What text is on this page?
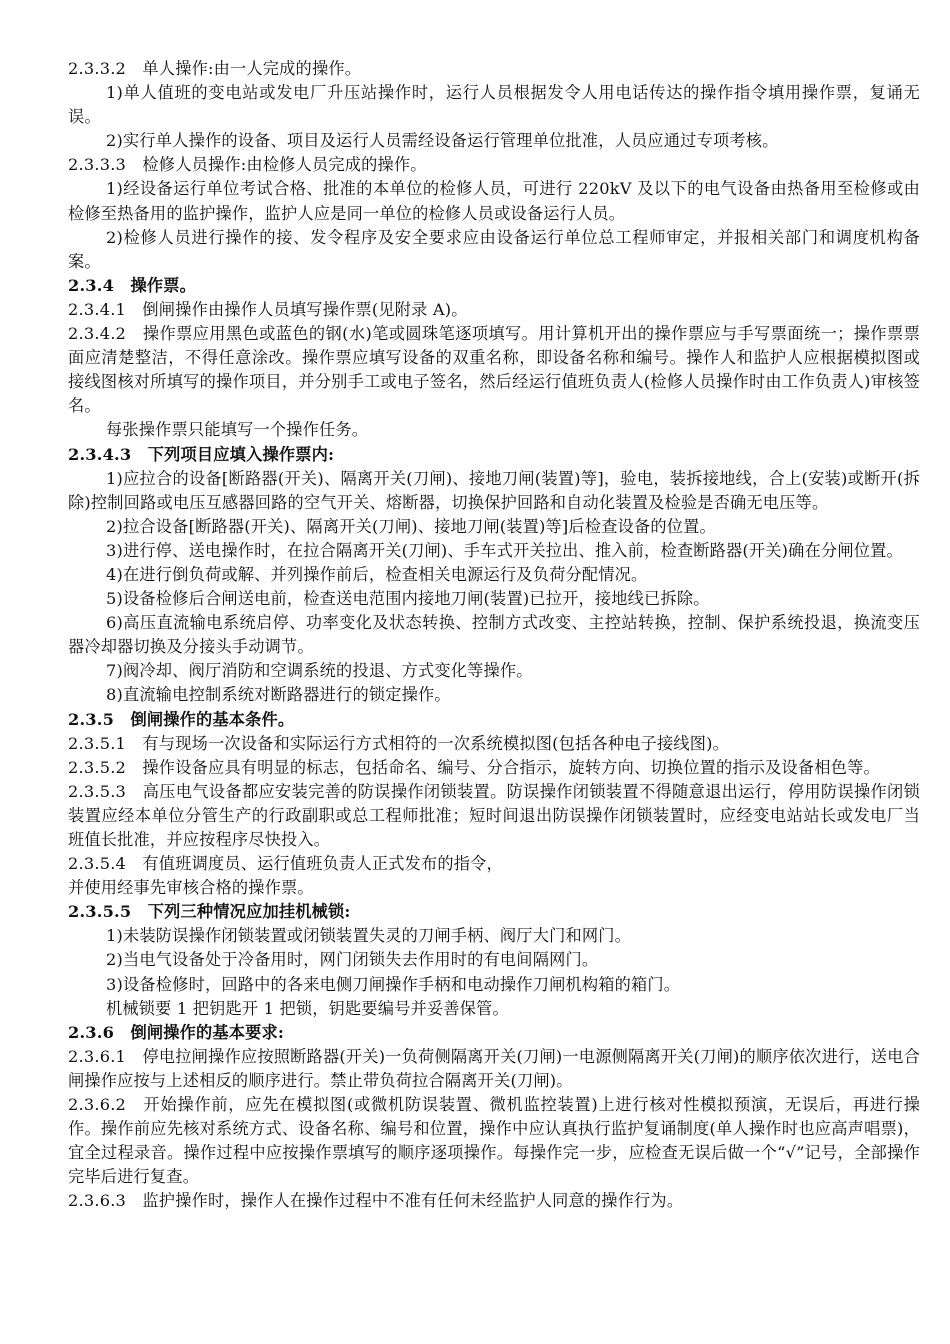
2.3.3.2　单人操作:由一人完成的操作。

1)单人值班的变电站或发电厂升压站操作时，运行人员根据发令人用电话传达的操作指令填用操作票，复诵无误。

2)实行单人操作的设备、项目及运行人员需经设备运行管理单位批准，人员应通过专项考核。

2.3.3.3　检修人员操作:由检修人员完成的操作。

1)经设备运行单位考试合格、批准的本单位的检修人员，可进行 220kV 及以下的电气设备由热备用至检修或由检修至热备用的监护操作，监护人应是同一单位的检修人员或设备运行人员。

2)检修人员进行操作的接、发令程序及安全要求应由设备运行单位总工程师审定，并报相关部门和调度机构备案。

2.3.4　操作票。

2.3.4.1　倒闸操作由操作人员填写操作票(见附录 A)。

2.3.4.2　操作票应用黑色或蓝色的钢(水)笔或圆珠笔逐项填写。用计算机开出的操作票应与手写票面统一；操作票票面应清楚整洁，不得任意涂改。操作票应填写设备的双重名称，即设备名称和编号。操作人和监护人应根据模拟图或接线图核对所填写的操作项目，并分别手工或电子签名，然后经运行值班负责人(检修人员操作时由工作负责人)审核签名。

每张操作票只能填写一个操作任务。

2.3.4.3　下列项目应填入操作票内:

1)应拉合的设备[断路器(开关)、隔离开关(刀闸)、接地刀闸(装置)等]，验电，装拆接地线，合上(安装)或断开(拆除)控制回路或电压互感器回路的空气开关、熔断器，切换保护回路和自动化装置及检验是否确无电压等。

2)拉合设备[断路器(开关)、隔离开关(刀闸)、接地刀闸(装置)等]后检查设备的位置。

3)进行停、送电操作时，在拉合隔离开关(刀闸)、手车式开关拉出、推入前，检查断路器(开关)确在分闸位置。

4)在进行倒负荷或解、并列操作前后，检查相关电源运行及负荷分配情况。

5)设备检修后合闸送电前，检查送电范围内接地刀闸(装置)已拉开，接地线已拆除。

6)高压直流输电系统启停、功率变化及状态转换、控制方式改变、主控站转换，控制、保护系统投退，换流变压器冷却器切换及分接头手动调节。

7)阀冷却、阀厅消防和空调系统的投退、方式变化等操作。

8)直流输电控制系统对断路器进行的锁定操作。

2.3.5　倒闸操作的基本条件。

2.3.5.1　有与现场一次设备和实际运行方式相符的一次系统模拟图(包括各种电子接线图)。

2.3.5.2　操作设备应具有明显的标志，包括命名、编号、分合指示，旋转方向、切换位置的指示及设备相色等。

2.3.5.3　高压电气设备都应安装完善的防误操作闭锁装置。防误操作闭锁装置不得随意退出运行，停用防误操作闭锁装置应经本单位分管生产的行政副职或总工程师批准；短时间退出防误操作闭锁装置时，应经变电站站长或发电厂当班值长批准，并应按程序尽快投入。

2.3.5.4　有值班调度员、运行值班负责人正式发布的指令，

并使用经事先审核合格的操作票。

2.3.5.5　下列三种情况应加挂机械锁:

1)未装防误操作闭锁装置或闭锁装置失灵的刀闸手柄、阀厅大门和网门。

2)当电气设备处于冷备用时，网门闭锁失去作用时的有电间隔网门。

3)设备检修时，回路中的各来电侧刀闸操作手柄和电动操作刀闸机构箱的箱门。

机械锁要 1 把钥匙开 1 把锁，钥匙要编号并妥善保管。

2.3.6　倒闸操作的基本要求:

2.3.6.1　停电拉闸操作应按照断路器(开关)一负荷侧隔离开关(刀闸)一电源侧隔离开关(刀闸)的顺序依次进行，送电合闸操作应按与上述相反的顺序进行。禁止带负荷拉合隔离开关(刀闸)。

2.3.6.2　开始操作前，应先在模拟图(或微机防误装置、微机监控装置)上进行核对性模拟预演，无误后，再进行操作。操作前应先核对系统方式、设备名称、编号和位置，操作中应认真执行监护复诵制度(单人操作时也应高声唱票)，宜全过程录音。操作过程中应按操作票填写的顺序逐项操作。每操作完一步，应检查无误后做一个“√”记号，全部操作完毕后进行复查。

2.3.6.3　监护操作时，操作人在操作过程中不准有任何未经监护人同意的操作行为。
